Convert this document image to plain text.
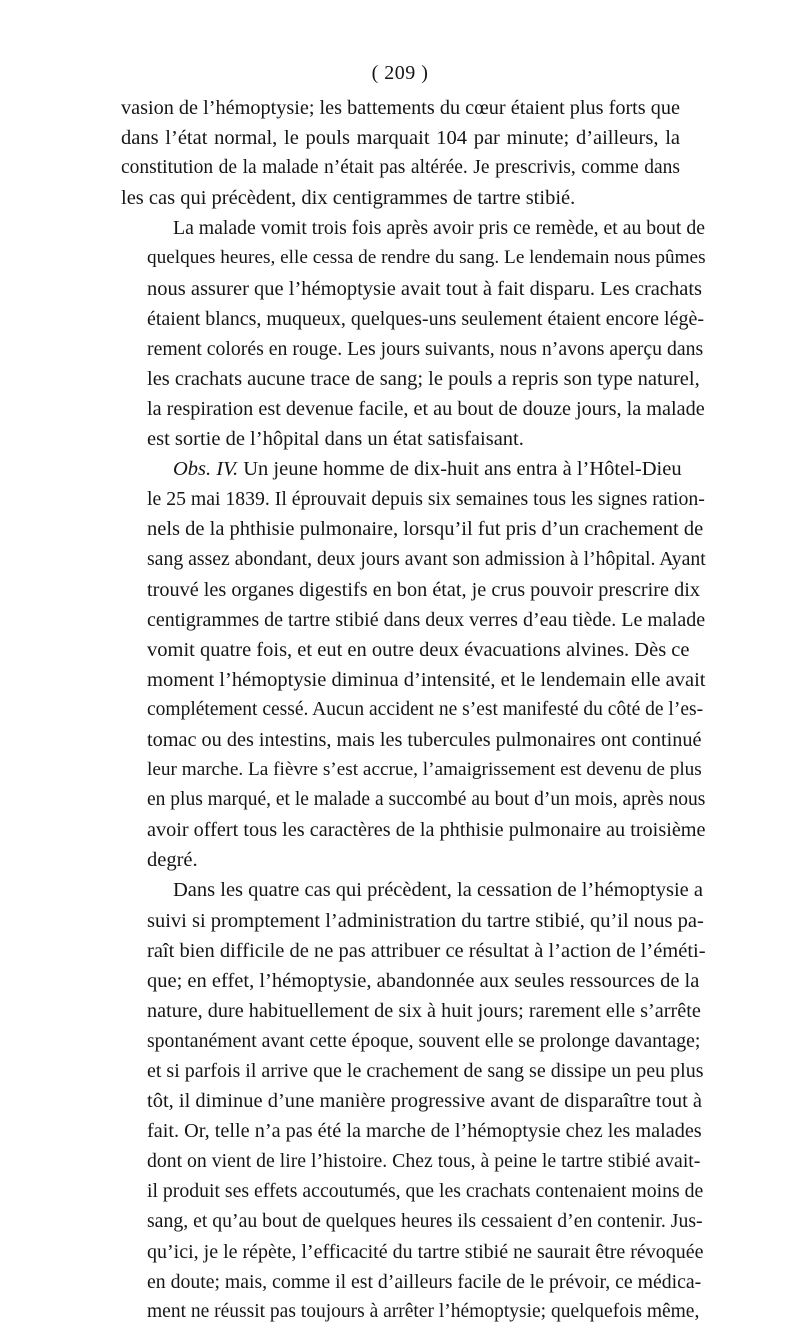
( 209 )

vasion de l’hémoptysie; les battements du cœur étaient plus forts que
dans l’état normal, le pouls marquait 104 par minute; d’ailleurs, la
constitution de la malade n’était pas altérée. Je prescrivis, comme dans
les cas qui précèdent, dix centigrammes de tartre stibié.

La malade vomit trois fois après avoir pris ce remède, et au bout de
quelques heures, elle cessa de rendre du sang. Le lendemain nous pûmes
nous assurer que l’hémoptysie avait tout à fait disparu. Les crachats
étaient blancs, muqueux, quelques-uns seulement étaient encore légè-
rement colorés en rouge. Les jours suivants, nous n’avons aperçu dans
les crachats aucune trace de sang; le pouls a repris son type naturel,
la respiration est devenue facile, et au bout de douze jours, la malade
est sortie de l’hôpital dans un état satisfaisant.

Obs. IV. Un jeune homme de dix-huit ans entra à l’Hôtel-Dieu
le 25 mai 1839. Il éprouvait depuis six semaines tous les signes ration-
nels de la phthisie pulmonaire, lorsqu’il fut pris d’un crachement de
sang assez abondant, deux jours avant son admission à l’hôpital. Ayant
trouvé les organes digestifs en bon état, je crus pouvoir prescrire dix
centigrammes de tartre stibié dans deux verres d’eau tiède. Le malade
vomit quatre fois, et eut en outre deux évacuations alvines. Dès ce
moment l’hémoptysie diminua d’intensité, et le lendemain elle avait
complétement cessé. Aucun accident ne s’est manifesté du côté de l’es-
tomac ou des intestins, mais les tubercules pulmonaires ont continué
leur marche. La fièvre s’est accrue, l’amaigrissement est devenu de plus
en plus marqué, et le malade a succombé au bout d’un mois, après nous
avoir offert tous les caractères de la phthisie pulmonaire au troisième
degré.

Dans les quatre cas qui précèdent, la cessation de l’hémoptysie a
suivi si promptement l’administration du tartre stibié, qu’il nous pa-
raît bien difficile de ne pas attribuer ce résultat à l’action de l’éméti-
que; en effet, l’hémoptysie, abandonnée aux seules ressources de la
nature, dure habituellement de six à huit jours; rarement elle s’arrête
spontanément avant cette époque, souvent elle se prolonge davantage;
et si parfois il arrive que le crachement de sang se dissipe un peu plus
tôt, il diminue d’une manière progressive avant de disparaître tout à
fait. Or, telle n’a pas été la marche de l’hémoptysie chez les malades
dont on vient de lire l’histoire. Chez tous, à peine le tartre stibié avait-
il produit ses effets accoutumés, que les crachats contenaient moins de
sang, et qu’au bout de quelques heures ils cessaient d’en contenir. Jus-
qu’ici, je le répète, l’efficacité du tartre stibié ne saurait être révoquée
en doute; mais, comme il est d’ailleurs facile de le prévoir, ce médica-
ment ne réussit pas toujours à arrêter l’hémoptysie; quelquefois même,
